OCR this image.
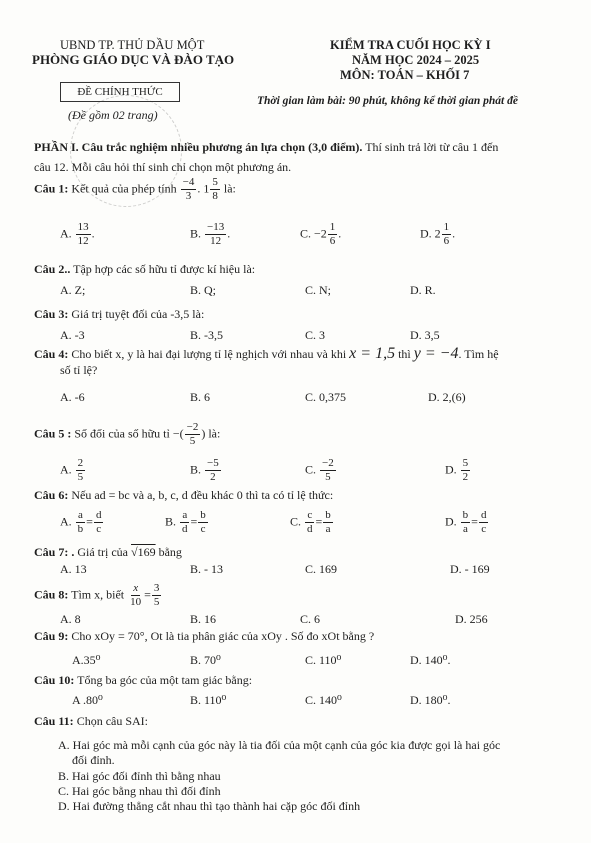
UBND TP. THỦ DẦU MỘT
PHÒNG GIÁO DỤC VÀ ĐÀO TẠO
KIỂM TRA CUỐI HỌC KỲ I
NĂM HỌC 2024 – 2025
MÔN: TOÁN – KHỐI 7
ĐỀ CHÍNH THỨC
(Đề gồm 02 trang)
Thời gian làm bài: 90 phút, không kể thời gian phát đề
PHẦN I. Câu trắc nghiệm nhiều phương án lựa chọn (3,0 điểm). Thí sinh trả lời từ câu 1 đến
câu 12. Mỗi câu hỏi thí sinh chỉ chọn một phương án.
Câu 1: Kết quả của phép tính $\frac{-4}{3}$ . $1 \frac{5}{8}$ là:
A. $\frac{13}{12}$ .	B. $\frac{-13}{12}$ .	C. $-2 \frac{1}{6}$ .	D. $2 \frac{1}{6}$ .
Câu 2.. Tập hợp các số hữu tỉ được kí hiệu là:
A. Z;	B. Q;	C. N;	D. R.
Câu 3: Giá trị tuyệt đối của -3,5 là:
A. -3	B. -3,5	C. 3	D. 3,5
Câu 4: Cho biết x, y là hai đại lượng tỉ lệ nghịch với nhau và khi x = 1,5 thì y = −4. Tìm hệ
số tỉ lệ?
A. -6	B. 6	C. 0,375	D. 2,(6)
Câu 5 : Số đối của số hữu tỉ −( $\frac{-2}{5}$ ) là:
A. $\frac{2}{5}$	B. $\frac{-5}{2}$	C. $\frac{-2}{5}$	D. $\frac{5}{2}$
Câu 6: Nếu ad = bc và a, b, c, d đều khác 0 thì ta có tỉ lệ thức:
A. $\frac{a}{b} = \frac{d}{c}$	B. $\frac{a}{d} = \frac{b}{c}$	C. $\frac{c}{d} = \frac{b}{a}$	D. $\frac{b}{a} = \frac{d}{c}$
Câu 7: . Giá trị của √169 bằng
A. 13	B. - 13	C. 169	D. - 169
Câu 8: Tìm x, biết $\frac{x}{10} = \frac{3}{5}$
A. 8	B. 16	C. 6	D. 256
Câu 9: Cho xOy = 70°, Ot là tia phân giác của xOy . Số đo xOt bằng ?
A.35⁰	B. 70⁰	C. 110⁰	D. 140⁰.
Câu 10: Tổng ba góc của một tam giác bằng:
A .80⁰	B. 110⁰	C. 140⁰	D. 180⁰.
Câu 11: Chọn câu SAI:
A. Hai góc mà mỗi cạnh của góc này là tia đối của một cạnh của góc kia được gọi là hai góc
đối đỉnh.
B. Hai góc đối đỉnh thì bằng nhau
C. Hai góc bằng nhau thì đối đỉnh
D. Hai đường thẳng cắt nhau thì tạo thành hai cặp góc đối đỉnh
